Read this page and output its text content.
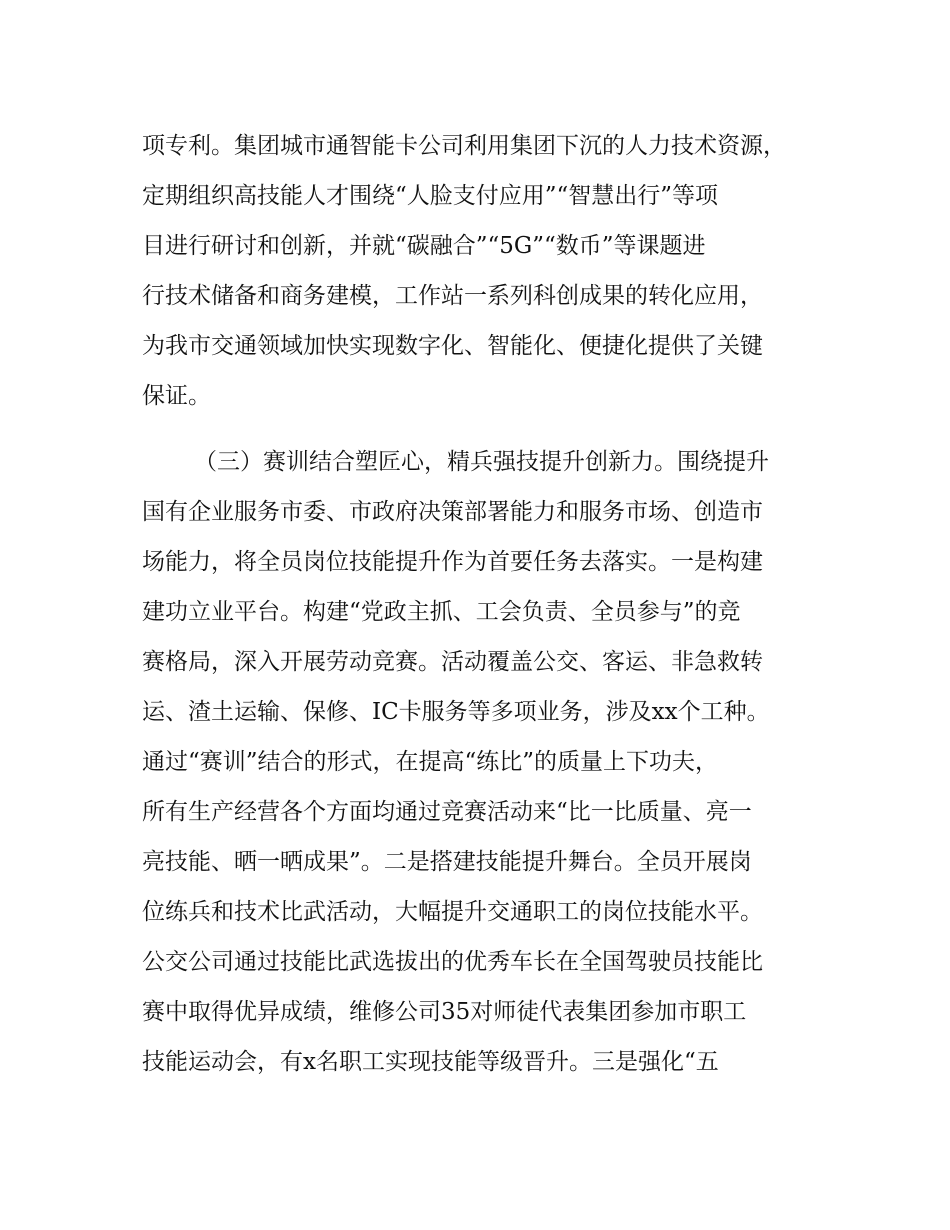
项专利。集团城市通智能卡公司利用集团下沉的人力技术资源，
定期组织高技能人才围绕“人脸支付应用”“智慧出行”等项
目进行研讨和创新，并就“碳融合”“5G”“数币”等课题进
行技术储备和商务建模，工作站一系列科创成果的转化应用，
为我市交通领域加快实现数字化、智能化、便捷化提供了关键
保证。

（三）赛训结合塑匠心，精兵强技提升创新力。围绕提升
国有企业服务市委、市政府决策部署能力和服务市场、创造市
场能力，将全员岗位技能提升作为首要任务去落实。一是构建
建功立业平台。构建“党政主抓、工会负责、全员参与”的竞
赛格局，深入开展劳动竞赛。活动覆盖公交、客运、非急救转
运、渣土运输、保修、IC卡服务等多项业务，涉及xx个工种。
通过“赛训”结合的形式，在提高“练比”的质量上下功夫，
所有生产经营各个方面均通过竞赛活动来“比一比质量、亮一
亮技能、晒一晒成果”。二是搭建技能提升舞台。全员开展岗
位练兵和技术比武活动，大幅提升交通职工的岗位技能水平。
公交公司通过技能比武选拔出的优秀车长在全国驾驶员技能比
赛中取得优异成绩，维修公司35对师徒代表集团参加市职工
技能运动会，有x名职工实现技能等级晋升。三是强化“五
